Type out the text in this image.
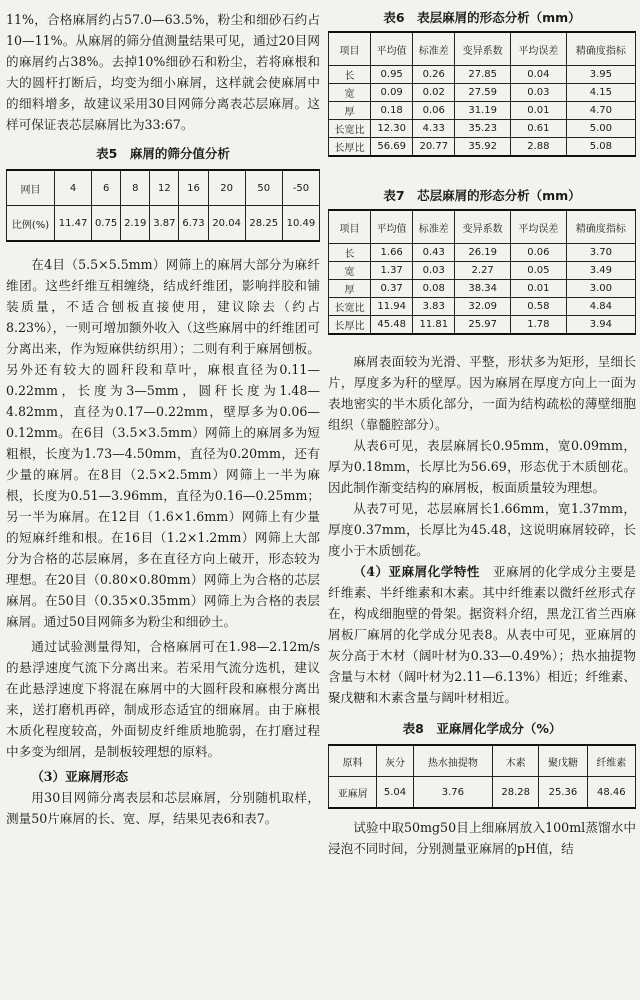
11%，合格麻屑约占57.0—63.5%，粉尘和细砂石约占10—11%。从麻屑的筛分值测量结果可见，通过20目网的麻屑约占38%。去掉10%细砂石和粉尘，若将麻根和大的圆杆打断后，均变为细小麻屑，这样就会使麻屑中的细料增多，故建议采用30目网筛分离表芯层麻屑。这样可保证表芯层麻屑比为33:67。

表5　麻屑的筛分值分析
网目	4	6	8	12	16	20	50	-50
比例(%)	11.47	0.75	2.19	3.87	6.73	20.04	28.25	10.49

在4目（5.5×5.5mm）网筛上的麻屑大部分为麻纤维团。这些纤维互相缠绕，结成纤维团，影响拌胶和铺装质量，不适合刨板直接使用，建议除去（约占8.23%），一则可增加额外收入（这些麻屑中的纤维团可分离出来，作为短麻供纺织用）；二则有利于麻屑刨板。另外还有较大的圆秆段和草叶，麻根直径为0.11—0.22mm，长度为3—5mm，圆秆长度为1.48—4.82mm，直径为0.17—0.22mm，壁厚多为0.06—0.12mm。在6目（3.5×3.5mm）网筛上的麻屑多为短粗根，长度为1.73—4.50mm，直径为0.20mm，还有少量的麻屑。在8目（2.5×2.5mm）网筛上一半为麻根，长度为0.51—3.96mm，直径为0.16—0.25mm；另一半为麻屑。在12目（1.6×1.6mm）网筛上有少量的短麻纤维和根。在16目（1.2×1.2mm）网筛上大部分为合格的芯层麻屑，多在直径方向上破开，形态较为理想。在20目（0.80×0.80mm）网筛上为合格的芯层麻屑。在50目（0.35×0.35mm）网筛上为合格的表层麻屑。通过50目网筛多为粉尘和细砂土。

通过试验测量得知，合格麻屑可在1.98—2.12m/s的悬浮速度气流下分离出来。若采用气流分选机，建议在此悬浮速度下将混在麻屑中的大圆秆段和麻根分离出来，送打磨机再碎，制成形态适宜的细麻屑。由于麻根木质化程度较高，外面韧皮纤维质地脆弱，在打磨过程中多变为细屑，是制板较理想的原料。

（3）亚麻屑形态

用30目网筛分离表层和芯层麻屑，分别随机取样，测量50片麻屑的长、宽、厚，结果见表6和表7。

表6　表层麻屑的形态分析（mm）
项目	平均值	标准差	变异系数	平均误差	精确度指标
长	0.95	0.26	27.85	0.04	3.95
宽	0.09	0.02	27.59	0.03	4.15
厚	0.18	0.06	31.19	0.01	4.70
长宽比	12.30	4.33	35.23	0.61	5.00
长厚比	56.69	20.77	35.92	2.88	5.08
表7　芯层麻屑的形态分析（mm）
项目	平均值	标准差	变异系数	平均误差	精确度指标
长	1.66	0.43	26.19	0.06	3.70
宽	1.37	0.03	2.27	0.05	3.49
厚	0.37	0.08	38.34	0.01	3.00
长宽比	11.94	3.83	32.09	0.58	4.84
长厚比	45.48	11.81	25.97	1.78	3.94

麻屑表面较为光滑、平整，形状多为矩形，呈细长片，厚度多为秆的壁厚。因为麻屑在厚度方向上一面为表地密实的半木质化部分，一面为结构疏松的薄壁细胞组织（靠髓腔部分）。

从表6可见，表层麻屑长0.95mm，宽0.09mm，厚为0.18mm，长厚比为56.69，形态优于木质刨花。因此制作渐变结构的麻屑板，板面质量较为理想。

从表7可见，芯层麻屑长1.66mm，宽1.37mm，厚度0.37mm，长厚比为45.48，这说明麻屑较碎，长度小于木质刨花。

（4）亚麻屑化学特性　 亚麻屑的化学成分主要是纤维素、半纤维素和木素。其中纤维素以微纤丝形式存在，构成细胞壁的骨架。据资料介绍，黑龙江省兰西麻屑板厂麻屑的化学成分见表8。从表中可见，亚麻屑的灰分高于木材（阔叶材为0.33—0.49%）；热水抽提物含量与木材（阔叶材为2.11—6.13%）相近；纤维素、聚戊糖和木素含量与阔叶材相近。

表8　亚麻屑化学成分（%）
原料	灰分	热水抽提物	木素	聚戊糖	纤维素
亚麻屑	5.04	3.76	28.28	25.36	48.46

试验中取50mg50目上细麻屑放入100ml蒸馏水中浸泡不同时间，分别测量亚麻屑的pH值，结
